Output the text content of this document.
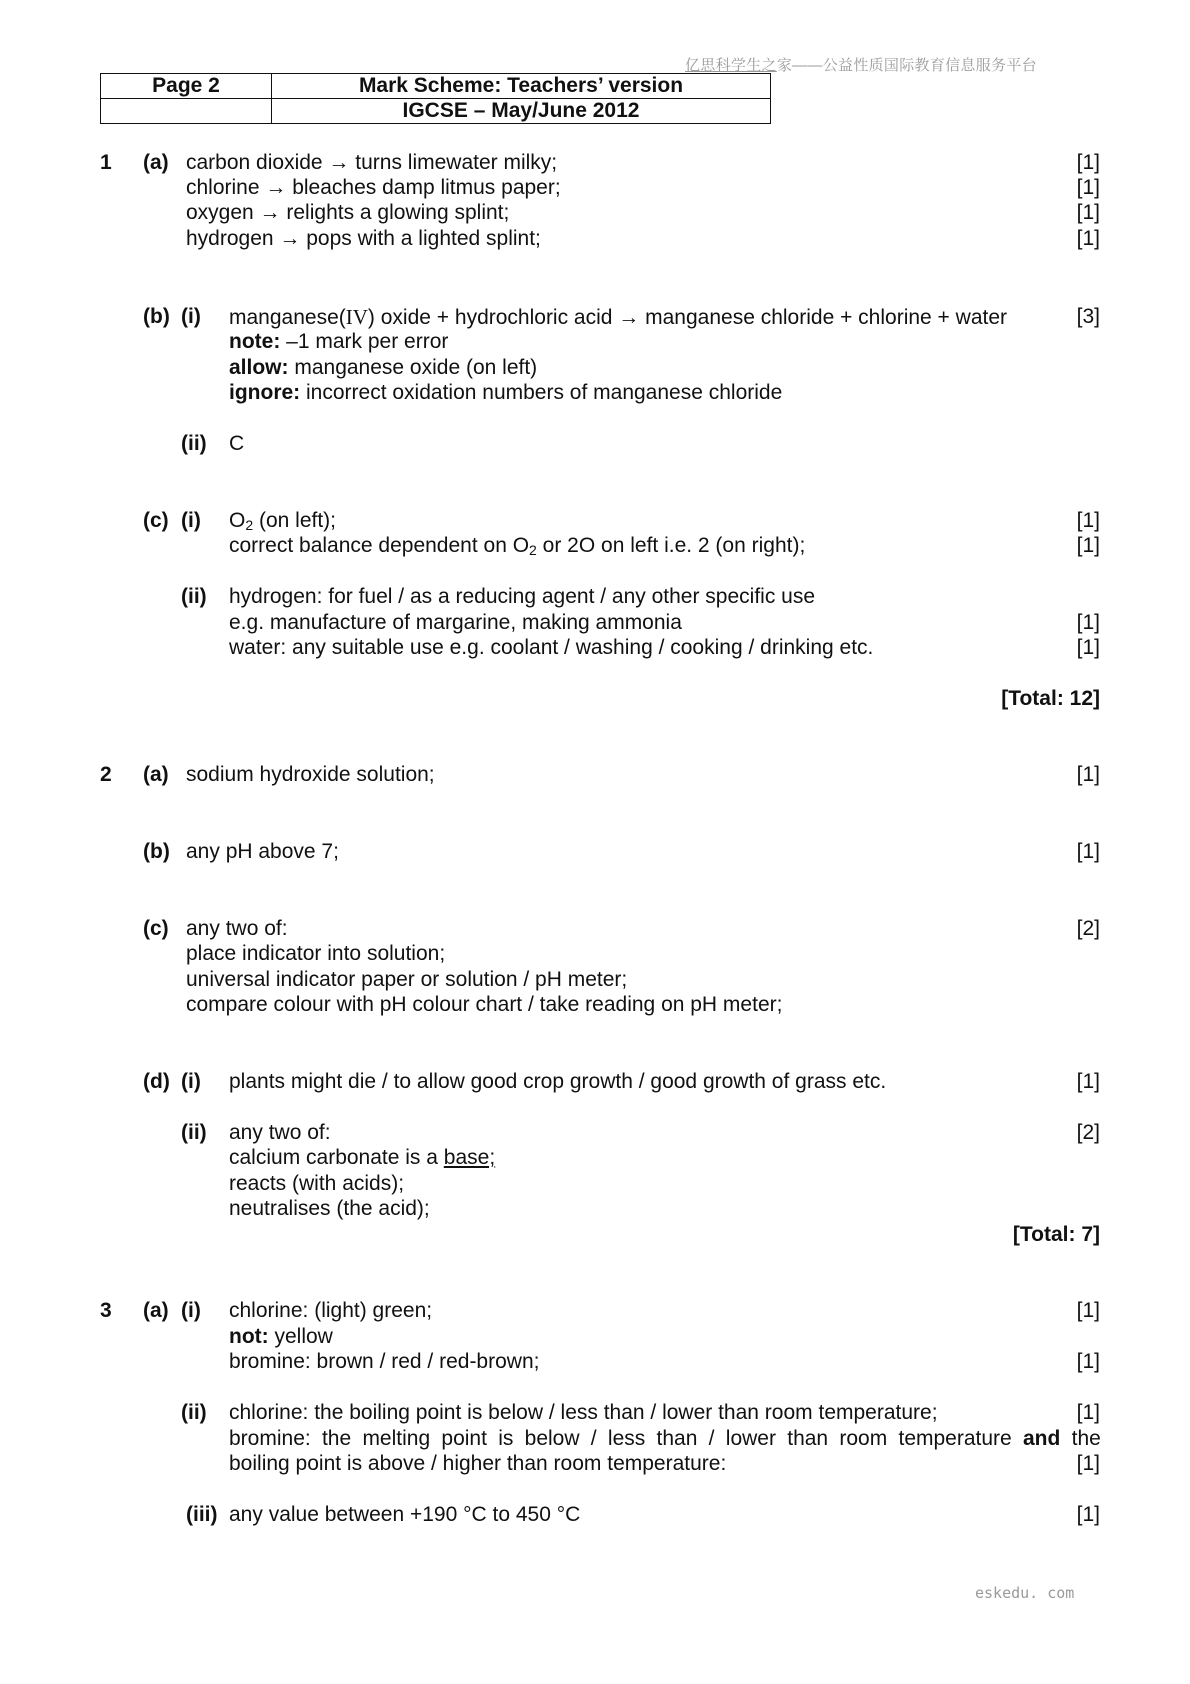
亿思科学生之家——公益性质国际教育信息服务平台
Page 2	Mark Scheme: Teachers’ version
	IGCSE – May/June 2012
1 (a) carbon dioxide → turns limewater milky;	[1]
chlorine → bleaches damp litmus paper;	[1]
oxygen → relights a glowing splint;	[1]
hydrogen → pops with a lighted splint;	[1]
(b) (i) manganese(IV) oxide + hydrochloric acid → manganese chloride + chlorine + water	[3]
note: –1 mark per error
allow: manganese oxide (on left)
ignore: incorrect oxidation numbers of manganese chloride
(ii) C
(c) (i) $O_2$ (on left);	[1]
correct balance dependent on $O_2$ or 2O on left i.e. 2 (on right);	[1]
(ii) hydrogen: for fuel / as a reducing agent / any other specific use
e.g. manufacture of margarine, making ammonia	[1]
water: any suitable use e.g. coolant / washing / cooking / drinking etc.	[1]
[Total: 12]
2 (a) sodium hydroxide solution;	[1]
(b) any pH above 7;	[1]
(c) any two of:	[2]
place indicator into solution;
universal indicator paper or solution / pH meter;
compare colour with pH colour chart / take reading on pH meter;
(d) (i) plants might die / to allow good crop growth / good growth of grass etc.	[1]
(ii) any two of:	[2]
calcium carbonate is a base;
reacts (with acids);
neutralises (the acid);
[Total: 7]
3 (a) (i) chlorine: (light) green;	[1]
not: yellow
bromine: brown / red / red-brown;	[1]
(ii) chlorine: the boiling point is below / less than / lower than room temperature;	[1]
bromine: the melting point is below / less than / lower than room temperature and the
boiling point is above / higher than room temperature:	[1]
(iii) any value between +190 °C to 450 °C	[1]
eskedu. com
